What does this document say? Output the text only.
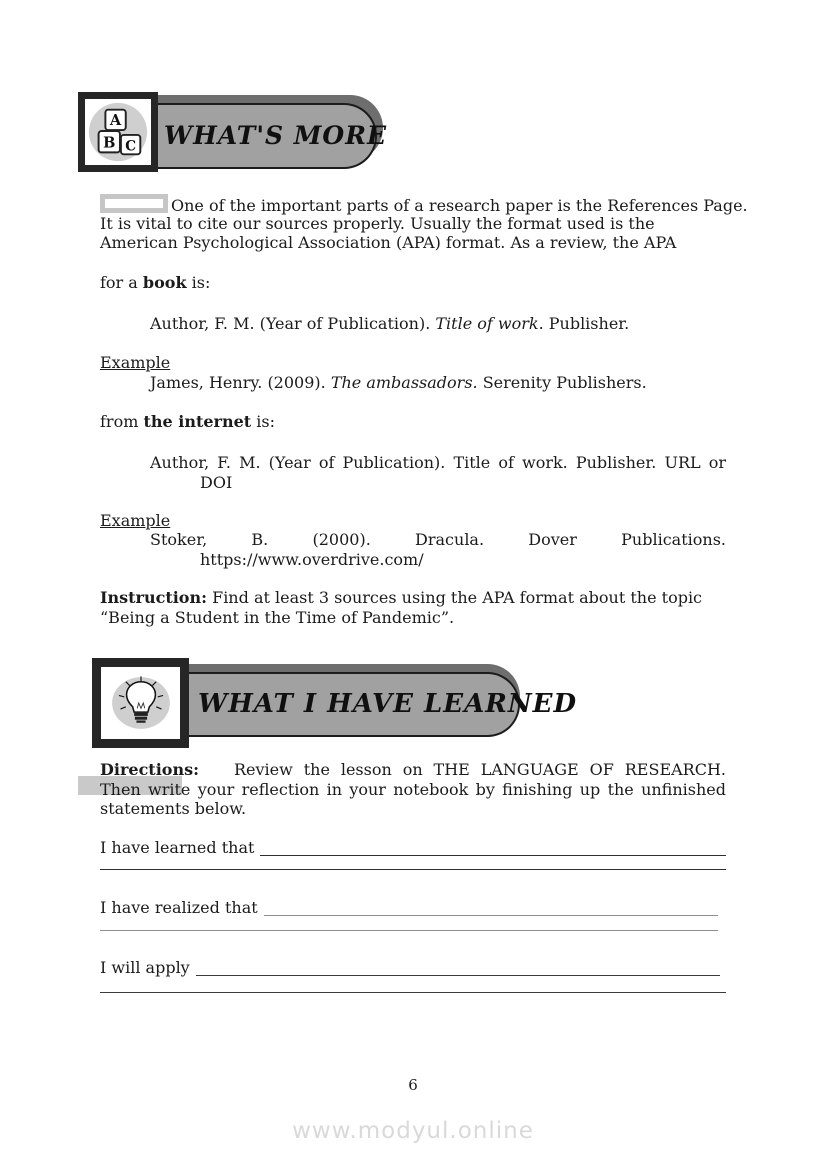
WHAT'S MORE
A
B C
One of the important parts of a research paper is the References Page.
It is vital to cite our sources properly. Usually the format used is the
American Psychological Association (APA) format. As a review, the APA
for a book is:
Author, F. M. (Year of Publication). Title of work. Publisher.
Example
James, Henry. (2009). The ambassadors. Serenity Publishers.
from the internet is:
Author, F. M. (Year of Publication). Title of work. Publisher. URL or
DOI
Example
Stoker, B. (2000). Dracula. Dover Publications.
https://www.overdrive.com/
Instruction: Find at least 3 sources using the APA format about the topic
“Being a Student in the Time of Pandemic”.
WHAT I HAVE LEARNED
Directions: Review the lesson on THE LANGUAGE OF RESEARCH.
Then write your reflection in your notebook by finishing up the unfinished
statements below.
I have learned that
I have realized that
I will apply
6
www.modyul.online
